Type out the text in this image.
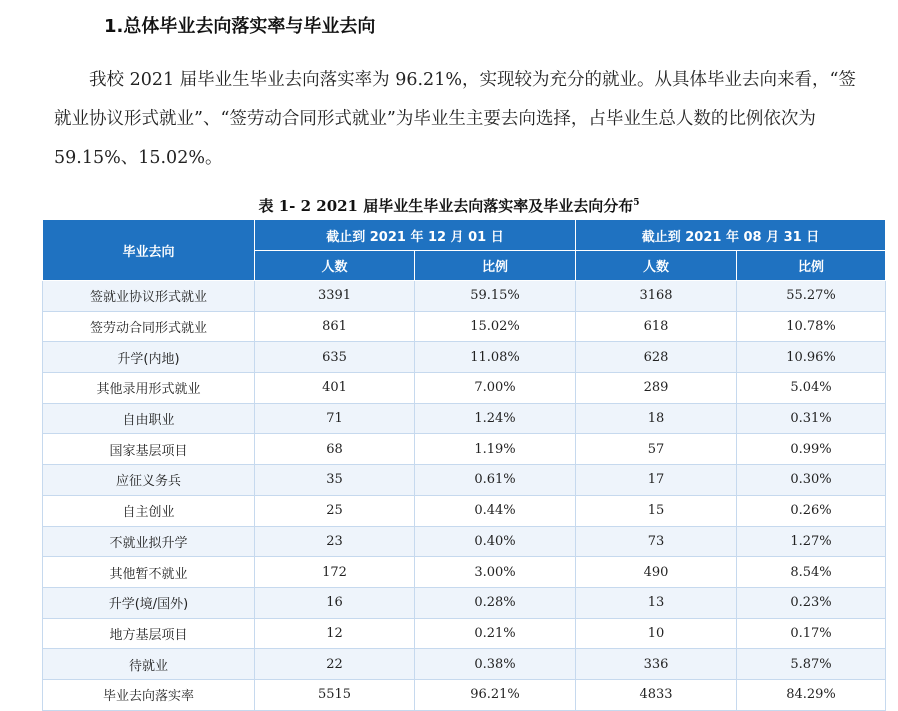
1.总体毕业去向落实率与毕业去向

我校 2021 届毕业生毕业去向落实率为 96.21%，实现较为充分的就业。从具体毕业去向来看，“签就业协议形式就业”、“签劳动合同形式就业”为毕业生主要去向选择，占毕业生总人数的比例依次为 59.15%、15.02%。

表 1- 2 2021 届毕业生毕业去向落实率及毕业去向分布$^5$
毕业去向	截止到 2021 年 12 月 01 日		截止到 2021 年 08 月 31 日	
	人数	比例	人数	比例
签就业协议形式就业	3391	59.15%	3168	55.27%
签劳动合同形式就业	861	15.02%	618	10.78%
升学(内地)	635	11.08%	628	10.96%
其他录用形式就业	401	7.00%	289	5.04%
自由职业	71	1.24%	18	0.31%
国家基层项目	68	1.19%	57	0.99%
应征义务兵	35	0.61%	17	0.30%
自主创业	25	0.44%	15	0.26%
不就业拟升学	23	0.40%	73	1.27%
其他暂不就业	172	3.00%	490	8.54%
升学(境/国外)	16	0.28%	13	0.23%
地方基层项目	12	0.21%	10	0.17%
待就业	22	0.38%	336	5.87%
毕业去向落实率	5515	96.21%	4833	84.29%
